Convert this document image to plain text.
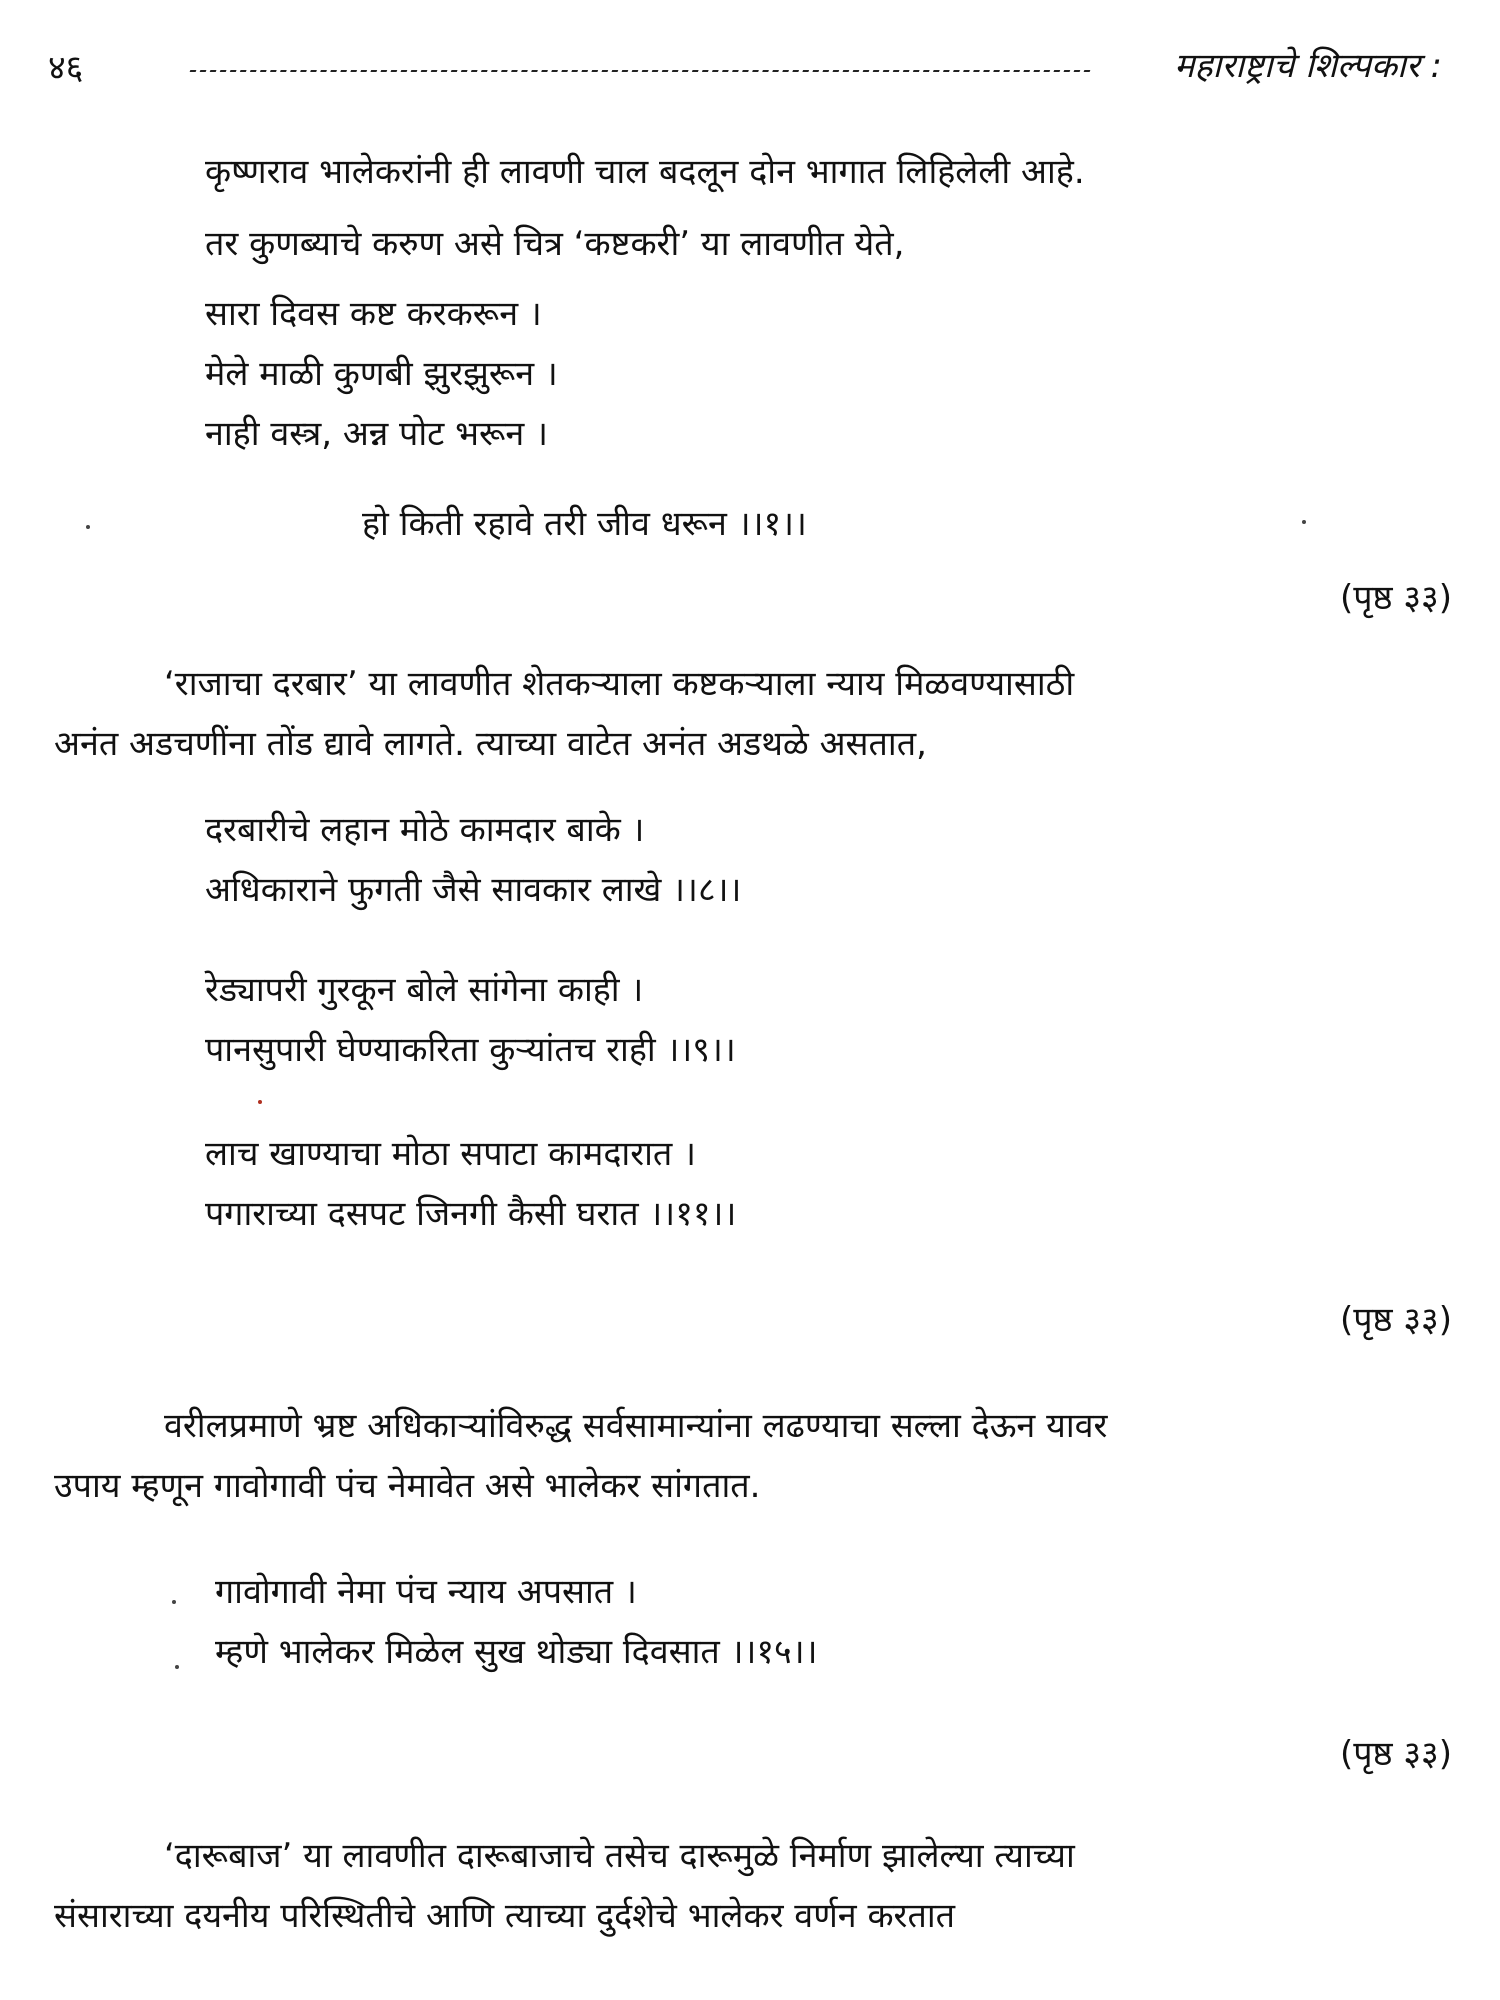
४६	महाराष्ट्राचे शिल्पकार :
कृष्णराव भालेकरांनी ही लावणी चाल बदलून दोन भागात लिहिलेली आहे.
तर कुणब्याचे करुण असे चित्र ‘कष्टकरी’ या लावणीत येते,
सारा दिवस कष्ट करकरून ।
मेले माळी कुणबी झुरझुरून ।
नाही वस्त्र, अन्न पोट भरून ।
हो किती रहावे तरी जीव धरून ।।१।।
(पृष्ठ ३३)
‘राजाचा दरबार’ या लावणीत शेतकऱ्याला कष्टकऱ्याला न्याय मिळवण्यासाठी
अनंत अडचणींना तोंड द्यावे लागते. त्याच्या वाटेत अनंत अडथळे असतात,
दरबारीचे लहान मोठे कामदार बाके ।
अधिकाराने फुगती जैसे सावकार लाखे ।।८।।
रेड्यापरी गुरकून बोले सांगेना काही ।
पानसुपारी घेण्याकरिता कुऱ्यांतच राही ।।९।।
लाच खाण्याचा मोठा सपाटा कामदारात ।
पगाराच्या दसपट जिनगी कैसी घरात ।।११।।
(पृष्ठ ३३)
वरीलप्रमाणे भ्रष्ट अधिकाऱ्यांविरुद्ध सर्वसामान्यांना लढण्याचा सल्ला देऊन यावर
उपाय म्हणून गावोगावी पंच नेमावेत असे भालेकर सांगतात.
गावोगावी नेमा पंच न्याय अपसात ।
म्हणे भालेकर मिळेल सुख थोड्या दिवसात ।।१५।।
(पृष्ठ ३३)
‘दारूबाज’ या लावणीत दारूबाजाचे तसेच दारूमुळे निर्माण झालेल्या त्याच्या
संसाराच्या दयनीय परिस्थितीचे आणि त्याच्या दुर्दशेचे भालेकर वर्णन करतात
